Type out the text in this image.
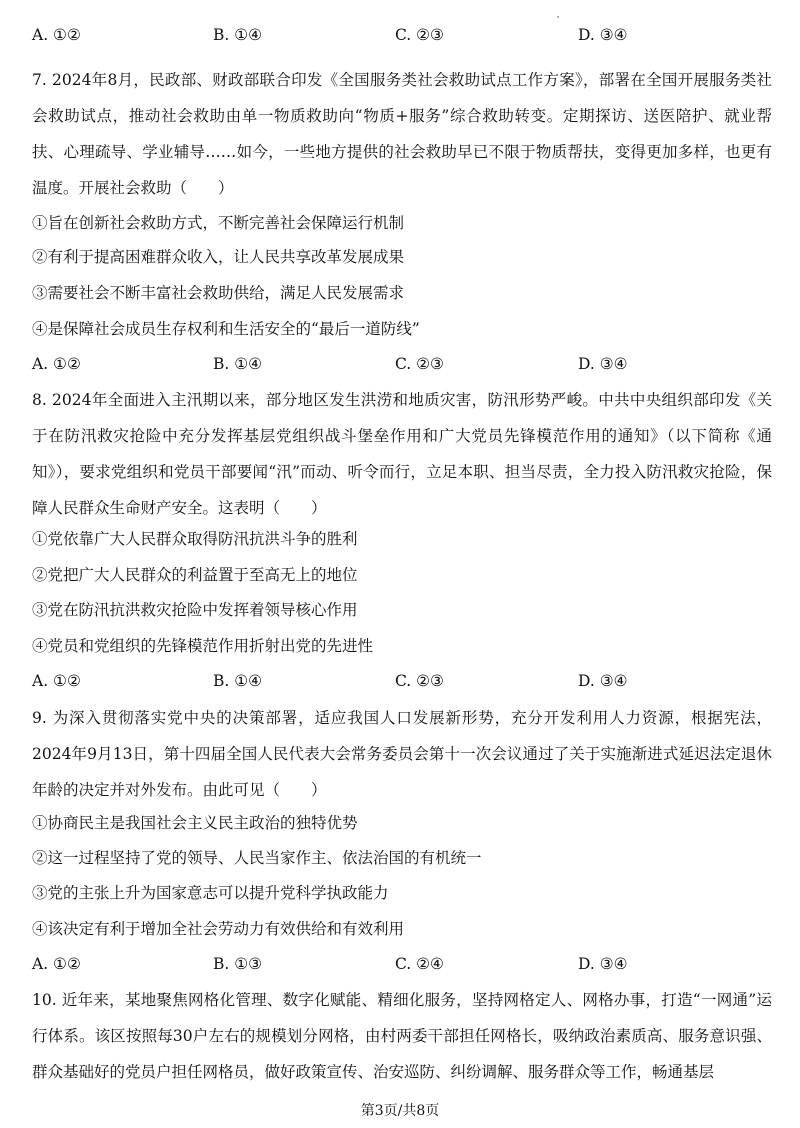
A. ①②	B. ①④	C. ②③	D. ③④

7. 2024年8月，民政部、财政部联合印发《全国服务类社会救助试点工作方案》，部署在全国开展服务类社会救助试点，推动社会救助由单一物质救助向“物质+服务”综合救助转变。定期探访、送医陪护、就业帮扶、心理疏导、学业辅导……如今，一些地方提供的社会救助早已不限于物质帮扶，变得更加多样，也更有温度。开展社会救助（　　）

①旨在创新社会救助方式，不断完善社会保障运行机制
②有利于提高困难群众收入，让人民共享改革发展成果
③需要社会不断丰富社会救助供给，满足人民发展需求
④是保障社会成员生存权利和生活安全的“最后一道防线”
A. ①②	B. ①④	C. ②③	D. ③④

8. 2024年全面进入主汛期以来，部分地区发生洪涝和地质灾害，防汛形势严峻。中共中央组织部印发《关于在防汛救灾抢险中充分发挥基层党组织战斗堡垒作用和广大党员先锋模范作用的通知》（以下简称《通知》），要求党组织和党员干部要闻“汛”而动、听令而行，立足本职、担当尽责，全力投入防汛救灾抢险，保障人民群众生命财产安全。这表明（　　）

①党依靠广大人民群众取得防汛抗洪斗争的胜利
②党把广大人民群众的利益置于至高无上的地位
③党在防汛抗洪救灾抢险中发挥着领导核心作用
④党员和党组织的先锋模范作用折射出党的先进性
A. ①②	B. ①④	C. ②③	D. ③④

9. 为深入贯彻落实党中央的决策部署，适应我国人口发展新形势，充分开发利用人力资源，根据宪法，2024年9月13日，第十四届全国人民代表大会常务委员会第十一次会议通过了关于实施渐进式延迟法定退休年龄的决定并对外发布。由此可见（　　）

①协商民主是我国社会主义民主政治的独特优势
②这一过程坚持了党的领导、人民当家作主、依法治国的有机统一
③党的主张上升为国家意志可以提升党科学执政能力
④该决定有利于增加全社会劳动力有效供给和有效利用
A. ①②	B. ①③	C. ②④	D. ③④

10. 近年来，某地聚焦网格化管理、数字化赋能、精细化服务，坚持网格定人、网格办事，打造“一网通”运行体系。该区按照每30户左右的规模划分网格，由村两委干部担任网格长，吸纳政治素质高、服务意识强、群众基础好的党员户担任网格员，做好政策宣传、治安巡防、纠纷调解、服务群众等工作，畅通基层

第3页/共8页
